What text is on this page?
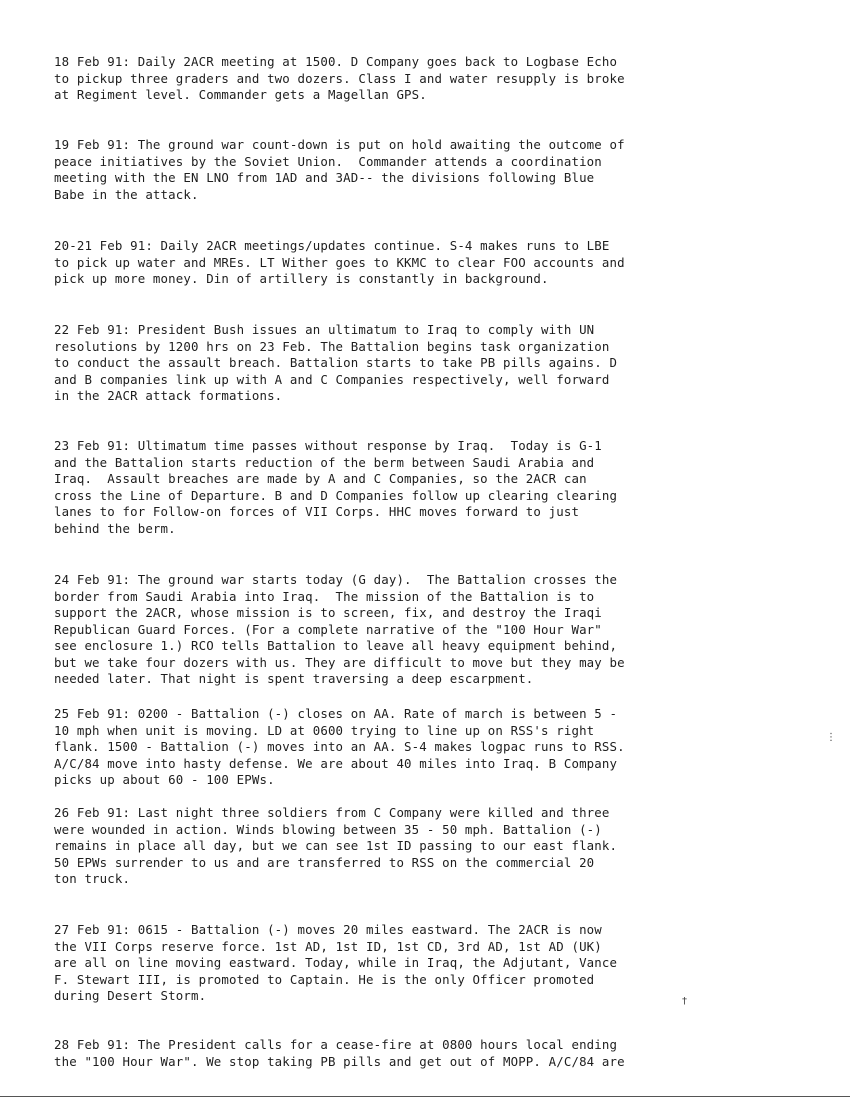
18 Feb 91: Daily 2ACR meeting at 1500. D Company goes back to Logbase Echo
to pickup three graders and two dozers. Class I and water resupply is broke
at Regiment level. Commander gets a Magellan GPS.

19 Feb 91: The ground war count-down is put on hold awaiting the outcome of
peace initiatives by the Soviet Union.  Commander attends a coordination
meeting with the EN LNO from 1AD and 3AD-- the divisions following Blue
Babe in the attack.

20-21 Feb 91: Daily 2ACR meetings/updates continue. S-4 makes runs to LBE
to pick up water and MREs. LT Wither goes to KKMC to clear FOO accounts and
pick up more money. Din of artillery is constantly in background.

22 Feb 91: President Bush issues an ultimatum to Iraq to comply with UN
resolutions by 1200 hrs on 23 Feb. The Battalion begins task organization
to conduct the assault breach. Battalion starts to take PB pills agains. D
and B companies link up with A and C Companies respectively, well forward
in the 2ACR attack formations.

23 Feb 91: Ultimatum time passes without response by Iraq.  Today is G-1
and the Battalion starts reduction of the berm between Saudi Arabia and
Iraq.  Assault breaches are made by A and C Companies, so the 2ACR can
cross the Line of Departure. B and D Companies follow up clearing clearing
lanes to for Follow-on forces of VII Corps. HHC moves forward to just
behind the berm.

24 Feb 91: The ground war starts today (G day).  The Battalion crosses the
border from Saudi Arabia into Iraq.  The mission of the Battalion is to
support the 2ACR, whose mission is to screen, fix, and destroy the Iraqi
Republican Guard Forces. (For a complete narrative of the "100 Hour War"
see enclosure 1.) RCO tells Battalion to leave all heavy equipment behind,
but we take four dozers with us. They are difficult to move but they may be
needed later. That night is spent traversing a deep escarpment.

25 Feb 91: 0200 - Battalion (-) closes on AA. Rate of march is between 5 -
10 mph when unit is moving. LD at 0600 trying to line up on RSS's right
flank. 1500 - Battalion (-) moves into an AA. S-4 makes logpac runs to RSS.
A/C/84 move into hasty defense. We are about 40 miles into Iraq. B Company
picks up about 60 - 100 EPWs.

26 Feb 91: Last night three soldiers from C Company were killed and three
were wounded in action. Winds blowing between 35 - 50 mph. Battalion (-)
remains in place all day, but we can see 1st ID passing to our east flank.
50 EPWs surrender to us and are transferred to RSS on the commercial 20
ton truck.

27 Feb 91: 0615 - Battalion (-) moves 20 miles eastward. The 2ACR is now
the VII Corps reserve force. 1st AD, 1st ID, 1st CD, 3rd AD, 1st AD (UK)
are all on line moving eastward. Today, while in Iraq, the Adjutant, Vance
F. Stewart III, is promoted to Captain. He is the only Officer promoted
during Desert Storm.

28 Feb 91: The President calls for a cease-fire at 0800 hours local ending
the "100 Hour War". We stop taking PB pills and get out of MOPP. A/C/84 are

†
⋮
